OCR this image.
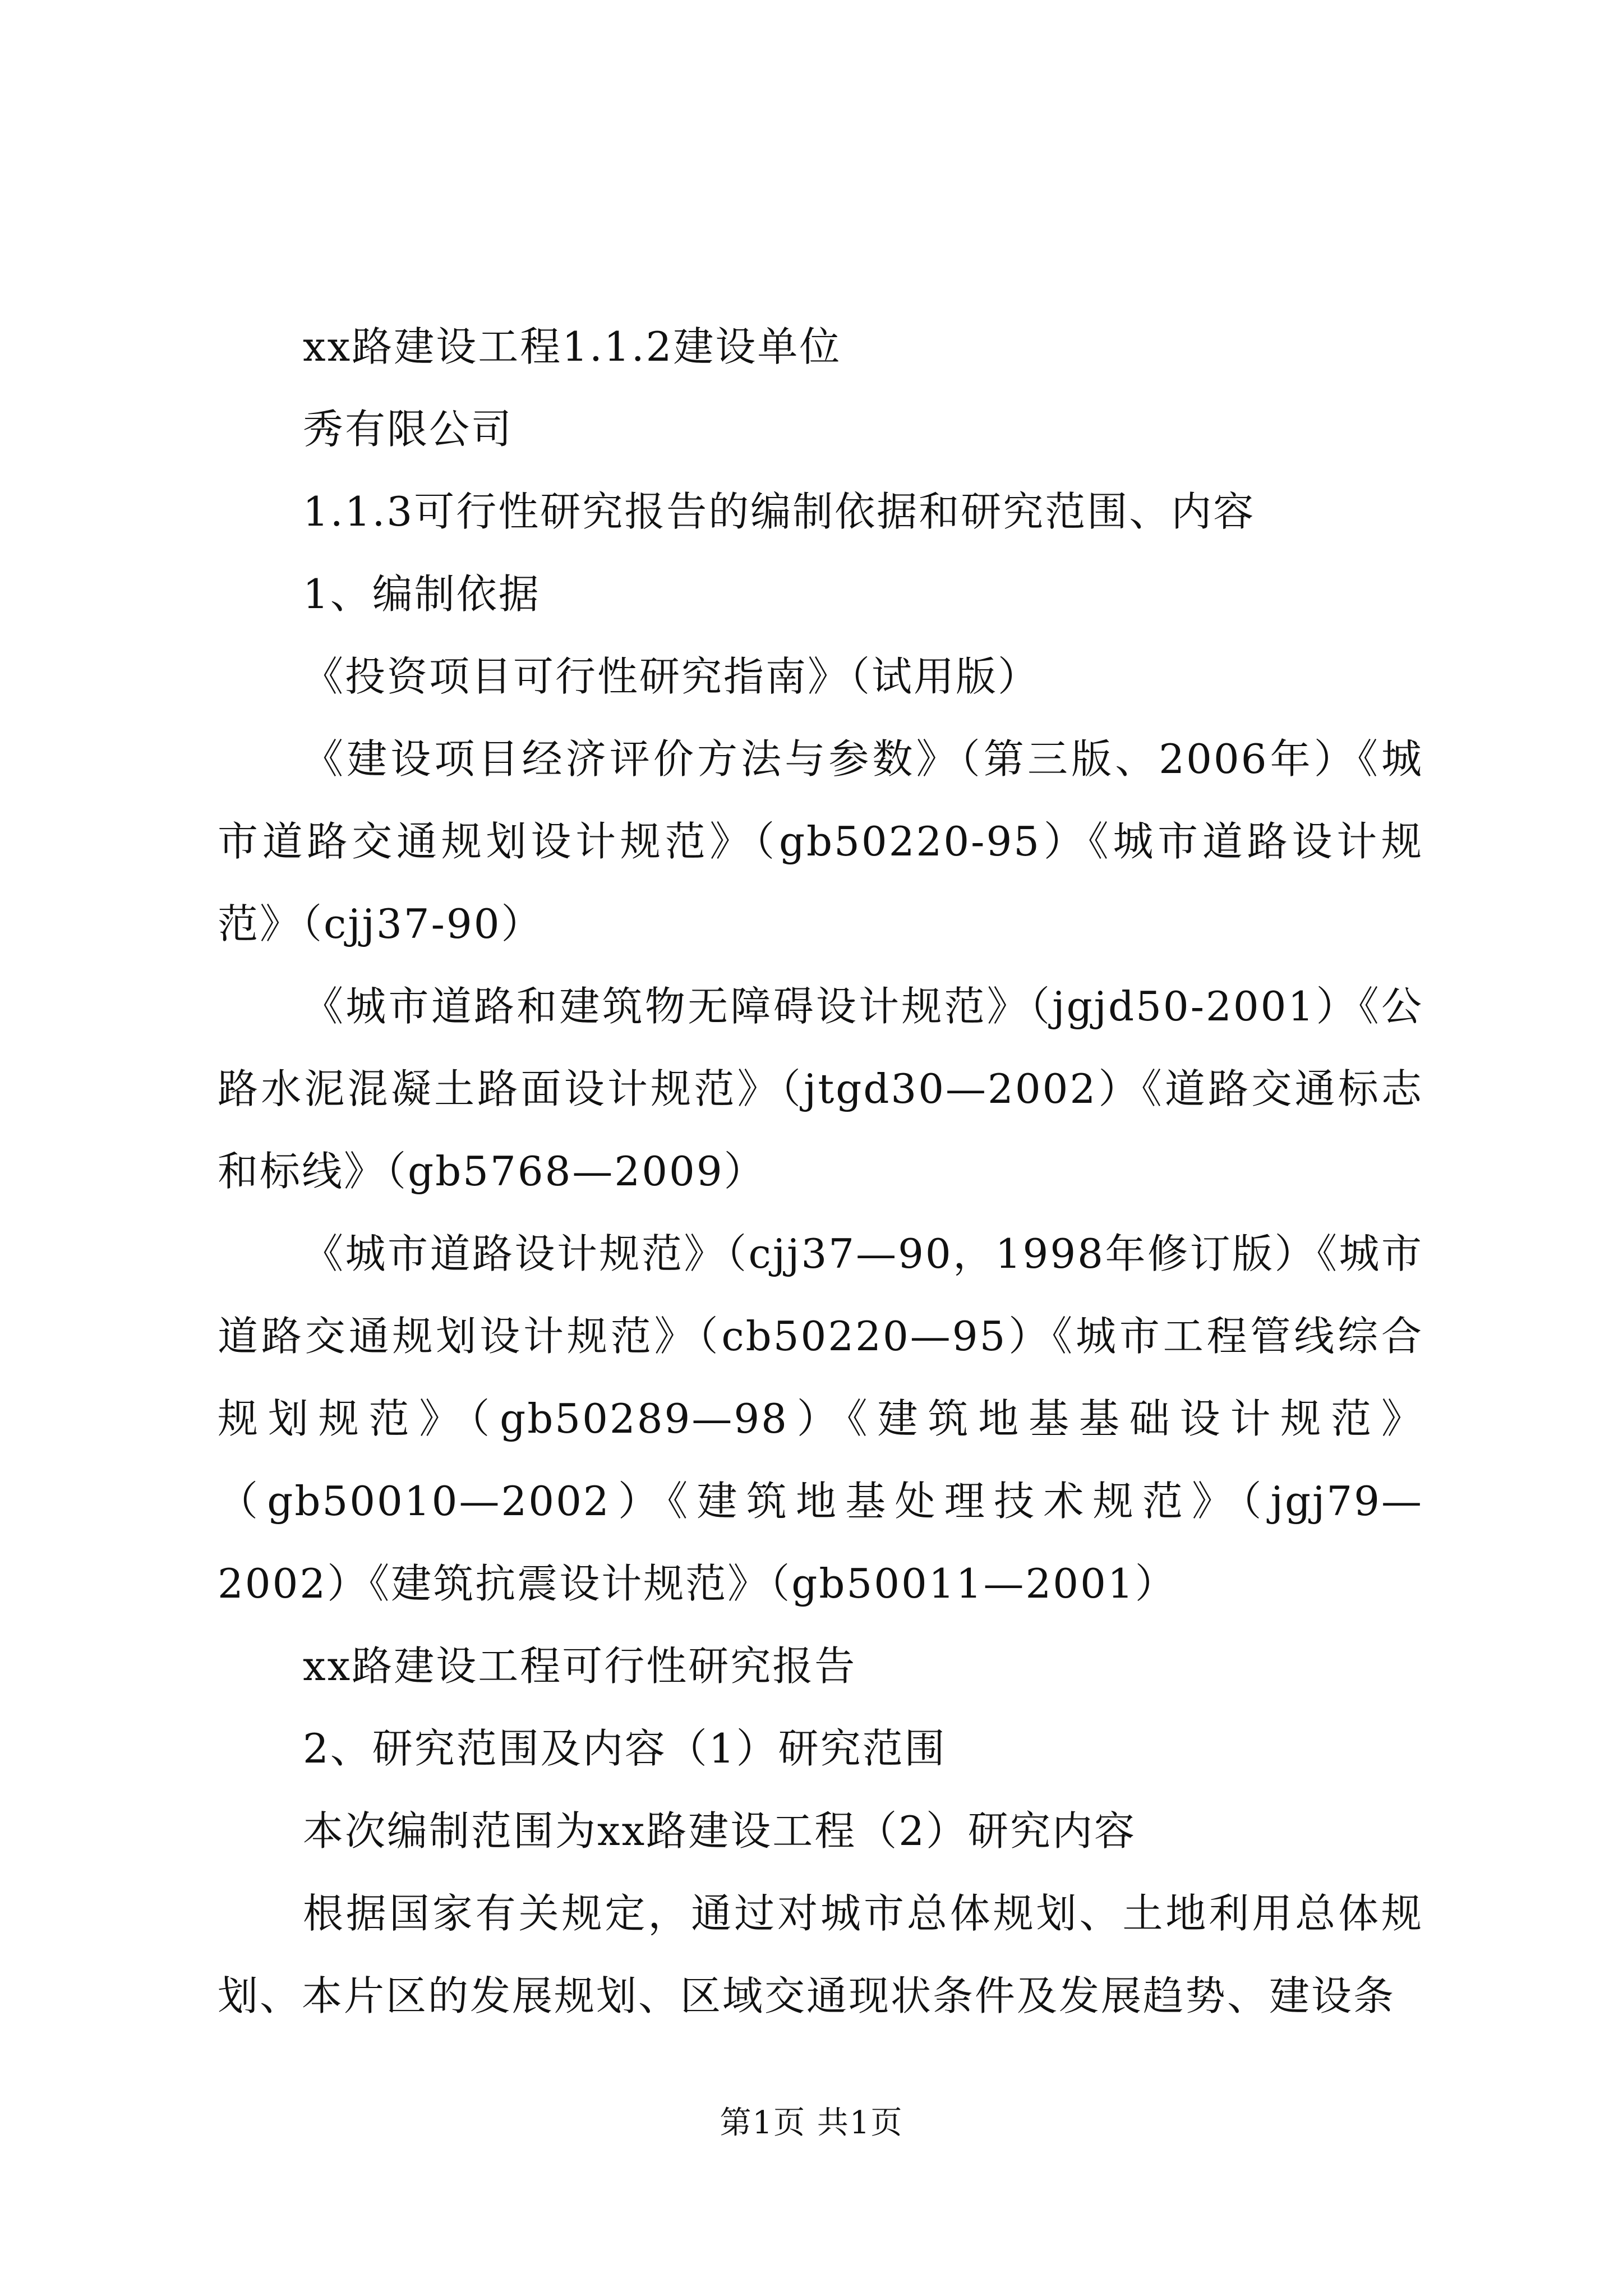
xx路建设工程1.1.2建设单位

秀有限公司

1.1.3可行性研究报告的编制依据和研究范围、内容

1、编制依据

《投资项目可行性研究指南》（试用版）

《建设项目经济评价方法与参数》（第三版、2006年）《城市道路交通规划设计规范》（gb50220-95）《城市道路设计规范》（cjj37-90）

《城市道路和建筑物无障碍设计规范》（jgjd50-2001）《公路水泥混凝土路面设计规范》（jtgd30—2002）《道路交通标志和标线》（gb5768—2009）

《城市道路设计规范》（cjj37—90，1998年修订版）《城市道路交通规划设计规范》（cb50220—95）《城市工程管线综合规划规范》（gb50289—98）《建筑地基基础设计规范》（gb50010—2002）《建筑地基处理技术规范》（jgj79—2002）《建筑抗震设计规范》（gb50011—2001）

xx路建设工程可行性研究报告

2、研究范围及内容（1）研究范围

本次编制范围为xx路建设工程（2）研究内容

根据国家有关规定，通过对城市总体规划、土地利用总体规划、本片区的发展规划、区域交通现状条件及发展趋势、建设条

第1页 共1页
